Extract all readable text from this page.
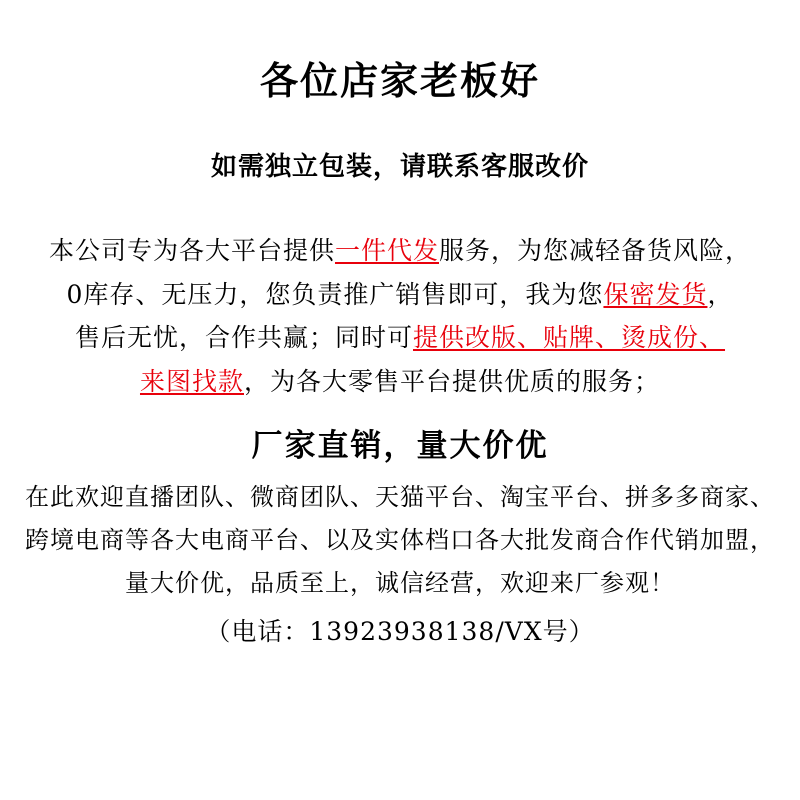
各位店家老板好
如需独立包装，请联系客服改价
本公司专为各大平台提供一件代发服务，为您减轻备货风险，
0库存、无压力，您负责推广销售即可，我为您保密发货，
售后无忧，合作共赢；同时可提供改版、贴牌、烫成份、
来图找款，为各大零售平台提供优质的服务；
厂家直销，量大价优
在此欢迎直播团队、微商团队、天猫平台、淘宝平台、拼多多商家、
跨境电商等各大电商平台、以及实体档口各大批发商合作代销加盟，
量大价优，品质至上，诚信经营，欢迎来厂参观！
（电话：13923938138/VX号）
